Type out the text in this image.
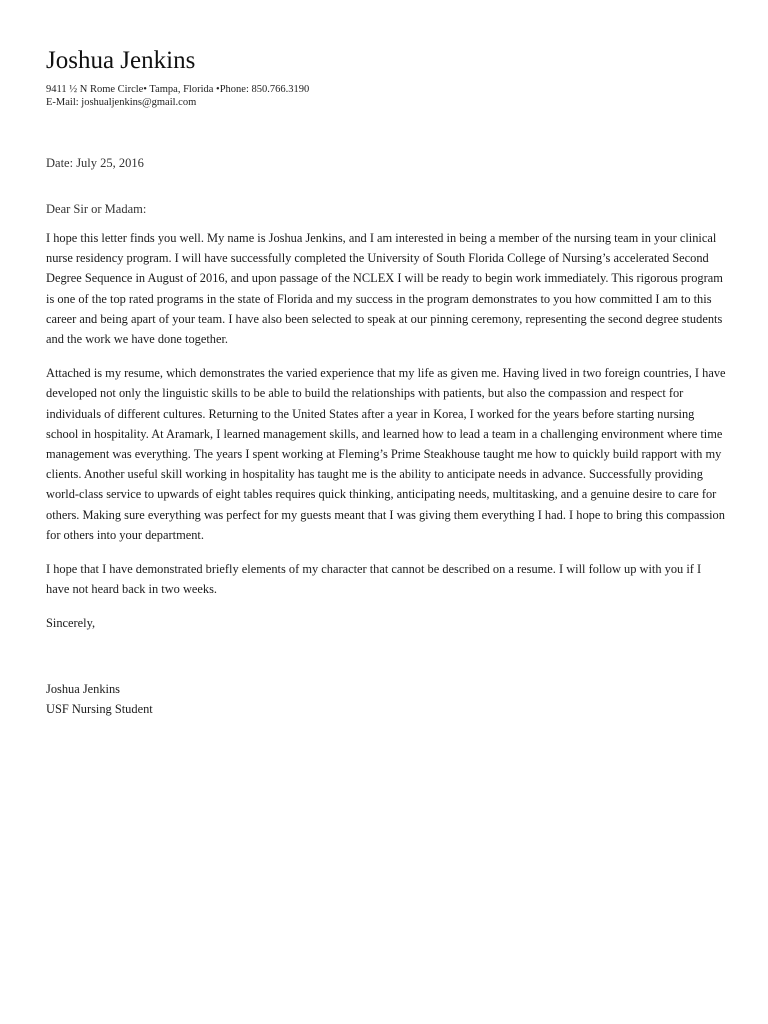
Joshua Jenkins
9411 ½ N Rome Circle• Tampa, Florida •Phone: 850.766.3190
E-Mail: joshualjenkins@gmail.com
Date: July 25, 2016
Dear Sir or Madam:

I hope this letter finds you well. My name is Joshua Jenkins, and I am interested in being a member of the nursing team in your clinical nurse residency program. I will have successfully completed the University of South Florida College of Nursing’s accelerated Second Degree Sequence in August of 2016, and upon passage of the NCLEX I will be ready to begin work immediately. This rigorous program is one of the top rated programs in the state of Florida and my success in the program demonstrates to you how committed I am to this career and being apart of your team. I have also been selected to speak at our pinning ceremony, representing the second degree students and the work we have done together.

Attached is my resume, which demonstrates the varied experience that my life as given me. Having lived in two foreign countries, I have developed not only the linguistic skills to be able to build the relationships with patients, but also the compassion and respect for individuals of different cultures. Returning to the United States after a year in Korea, I worked for the years before starting nursing school in hospitality. At Aramark, I learned management skills, and learned how to lead a team in a challenging environment where time management was everything. The years I spent working at Fleming’s Prime Steakhouse taught me how to quickly build rapport with my clients. Another useful skill working in hospitality has taught me is the ability to anticipate needs in advance. Successfully providing world-class service to upwards of eight tables requires quick thinking, anticipating needs, multitasking, and a genuine desire to care for others. Making sure everything was perfect for my guests meant that I was giving them everything I had. I hope to bring this compassion for others into your department.

I hope that I have demonstrated briefly elements of my character that cannot be described on a resume. I will follow up with you if I have not heard back in two weeks.

Sincerely,
Joshua Jenkins
USF Nursing Student
